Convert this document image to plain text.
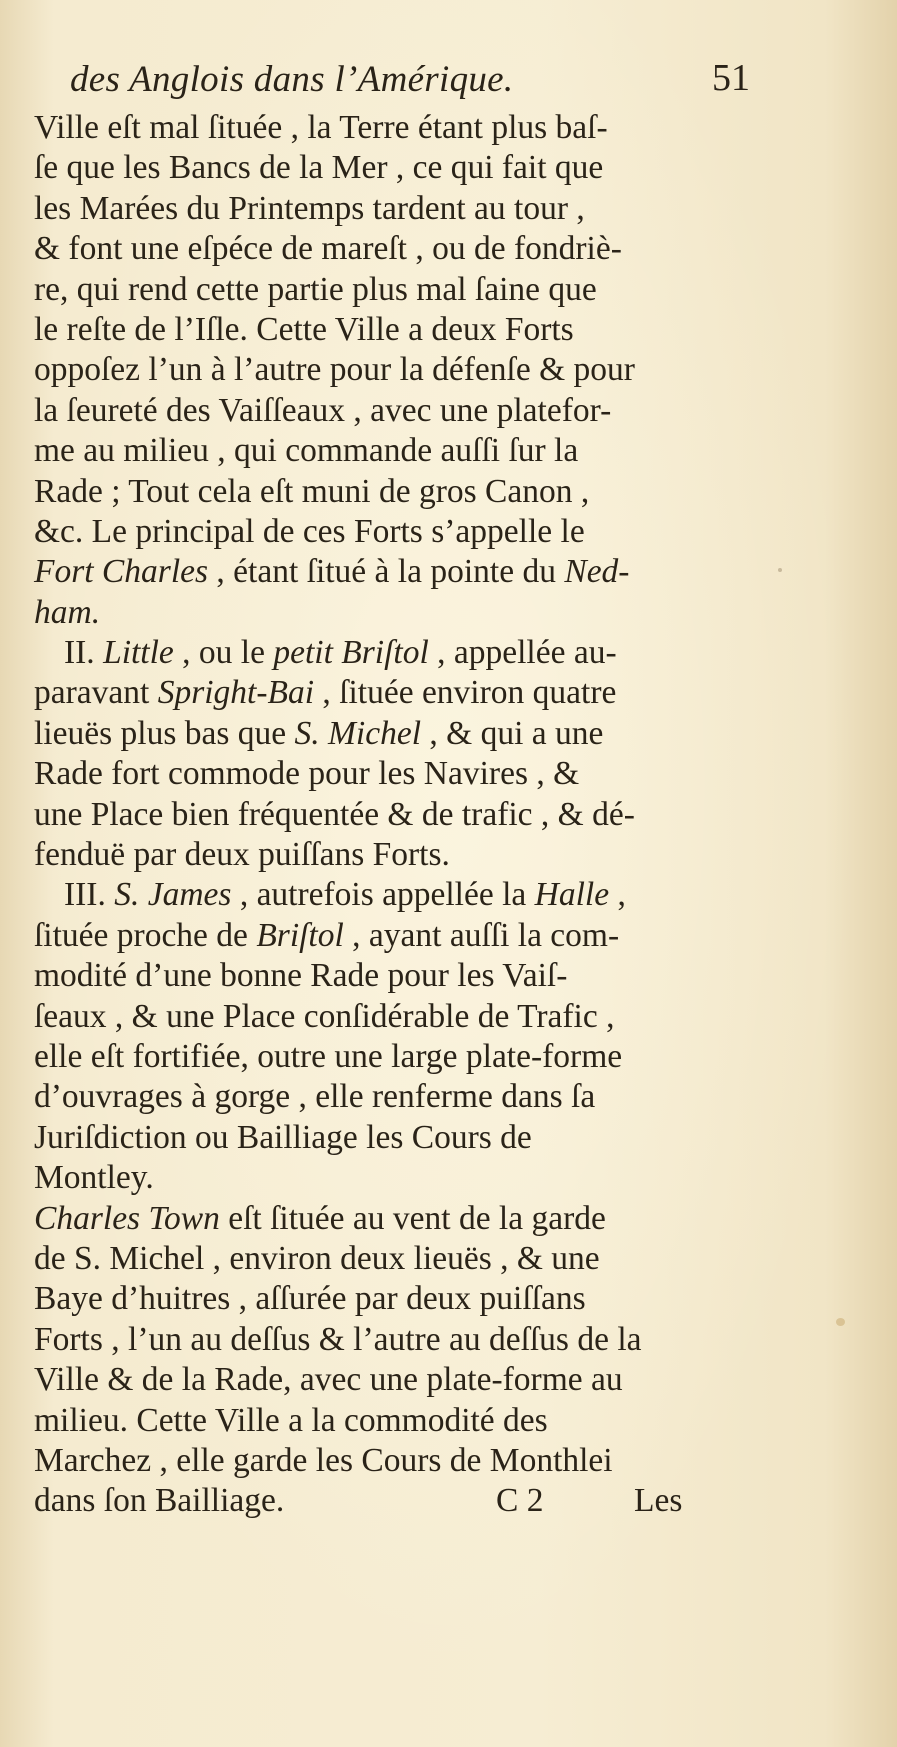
des Anglois dans l’Amérique.	51
Ville eſt mal ſituée , la Terre étant plus baſ-
ſe que les Bancs de la Mer , ce qui fait que
les Marées du Printemps tardent au tour ,
& font une eſpéce de mareſt , ou de fondriè-
re, qui rend cette partie plus mal ſaine que
le reſte de l’Iſle. Cette Ville a deux Forts
oppoſez l’un à l’autre pour la défenſe & pour
la ſeureté des Vaiſſeaux , avec une platefor-
me au milieu , qui commande auſſi ſur la
Rade ; Tout cela eſt muni de gros Canon ,
&c. Le principal de ces Forts s’appelle le
Fort Charles , étant ſitué à la pointe du Ned-
ham.
II. Little , ou le petit Briſtol , appellée au-
paravant Spright-Bai , ſituée environ quatre
lieuës plus bas que S. Michel , & qui a une
Rade fort commode pour les Navires , &
une Place bien fréquentée & de trafic , & dé-
fenduë par deux puiſſans Forts.
III. S. James , autrefois appellée la Halle ,
ſituée proche de Briſtol , ayant auſſi la com-
modité d’une bonne Rade pour les Vaiſ-
ſeaux , & une Place conſidérable de Trafic ,
elle eſt fortifiée, outre une large plate-forme
d’ouvrages à gorge , elle renferme dans ſa
Juriſdiction ou Bailliage les Cours de
Montley.
Charles Town eſt ſituée au vent de la garde
de S. Michel , environ deux lieuës , & une
Baye d’huitres , aſſurée par deux puiſſans
Forts , l’un au deſſus & l’autre au deſſus de la
Ville & de la Rade, avec une plate-forme au
milieu. Cette Ville a la commodité des
Marchez , elle garde les Cours de Monthlei
dans ſon Bailliage.	C 2	Les
